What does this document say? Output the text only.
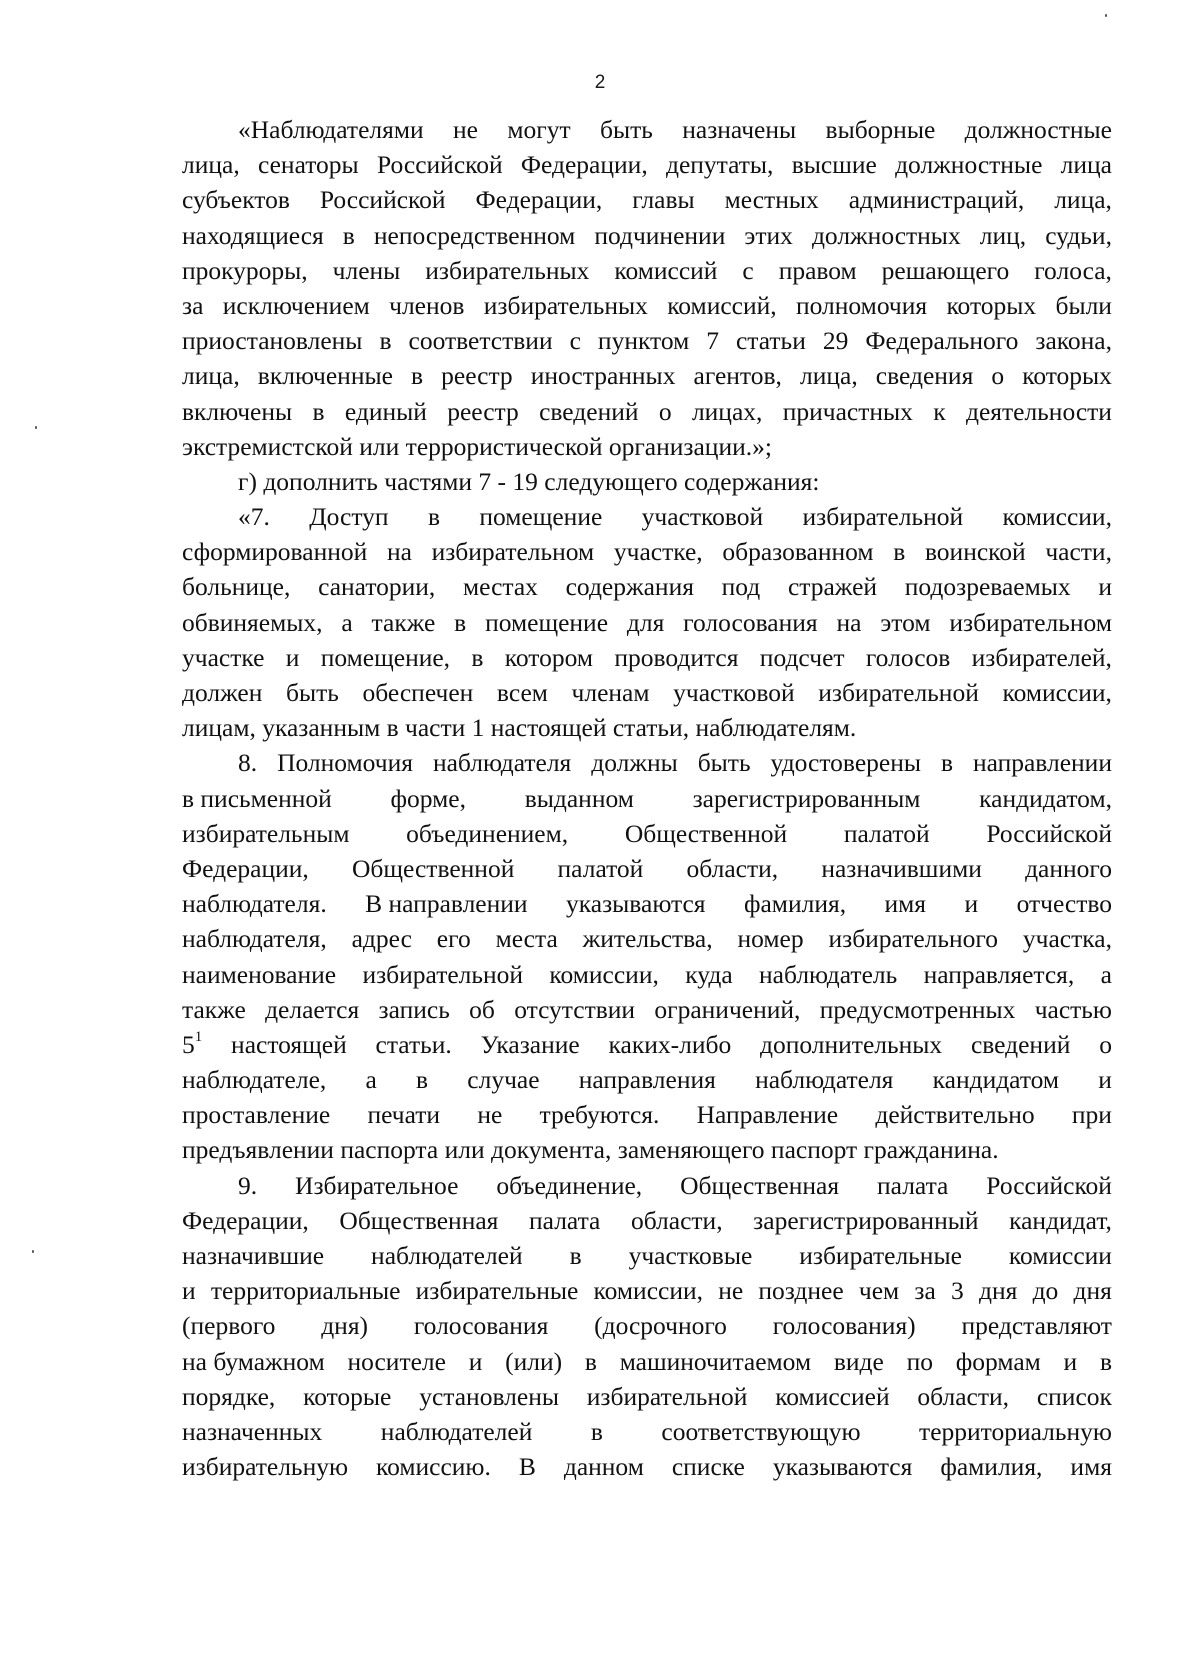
2
«Наблюдателями не могут быть назначены выборные должностные
лица, сенаторы Российской Федерации, депутаты, высшие должностные лица
субъектов Российской Федерации, главы местных администраций, лица,
находящиеся в непосредственном подчинении этих должностных лиц, судьи,
прокуроры, члены избирательных комиссий с правом решающего голоса,
за исключением членов избирательных комиссий, полномочия которых были
приостановлены в соответствии с пунктом 7 статьи 29 Федерального закона,
лица, включенные в реестр иностранных агентов, лица, сведения о которых
включены в единый реестр сведений о лицах, причастных к деятельности
экстремистской или террористической организации.»;
г) дополнить частями 7 - 19 следующего содержания:
«7. Доступ в помещение участковой избирательной комиссии,
сформированной на избирательном участке, образованном в воинской части,
больнице, санатории, местах содержания под стражей подозреваемых и
обвиняемых, а также в помещение для голосования на этом избирательном
участке и помещение, в котором проводится подсчет голосов избирателей,
должен быть обеспечен всем членам участковой избирательной комиссии,
лицам, указанным в части 1 настоящей статьи, наблюдателям.
8. Полномочия наблюдателя должны быть удостоверены в направлении
в письменной форме, выданном зарегистрированным кандидатом,
избирательным объединением, Общественной палатой Российской
Федерации, Общественной палатой области, назначившими данного
наблюдателя. В направлении указываются фамилия, имя и отчество
наблюдателя, адрес его места жительства, номер избирательного участка,
наименование избирательной комиссии, куда наблюдатель направляется, а
также делается запись об отсутствии ограничений, предусмотренных частью
$5^1$ настоящей статьи. Указание каких-либо дополнительных сведений о
наблюдателе, а в случае направления наблюдателя кандидатом и
проставление печати не требуются. Направление действительно при
предъявлении паспорта или документа, заменяющего паспорт гражданина.
9. Избирательное объединение, Общественная палата Российской
Федерации, Общественная палата области, зарегистрированный кандидат,
назначившие наблюдателей в участковые избирательные комиссии
и территориальные избирательные комиссии, не позднее чем за 3 дня до дня
(первого дня) голосования (досрочного голосования) представляют
на бумажном носителе и (или) в машиночитаемом виде по формам и в
порядке, которые установлены избирательной комиссией области, список
назначенных наблюдателей в соответствующую территориальную
избирательную комиссию. В данном списке указываются фамилия, имя
